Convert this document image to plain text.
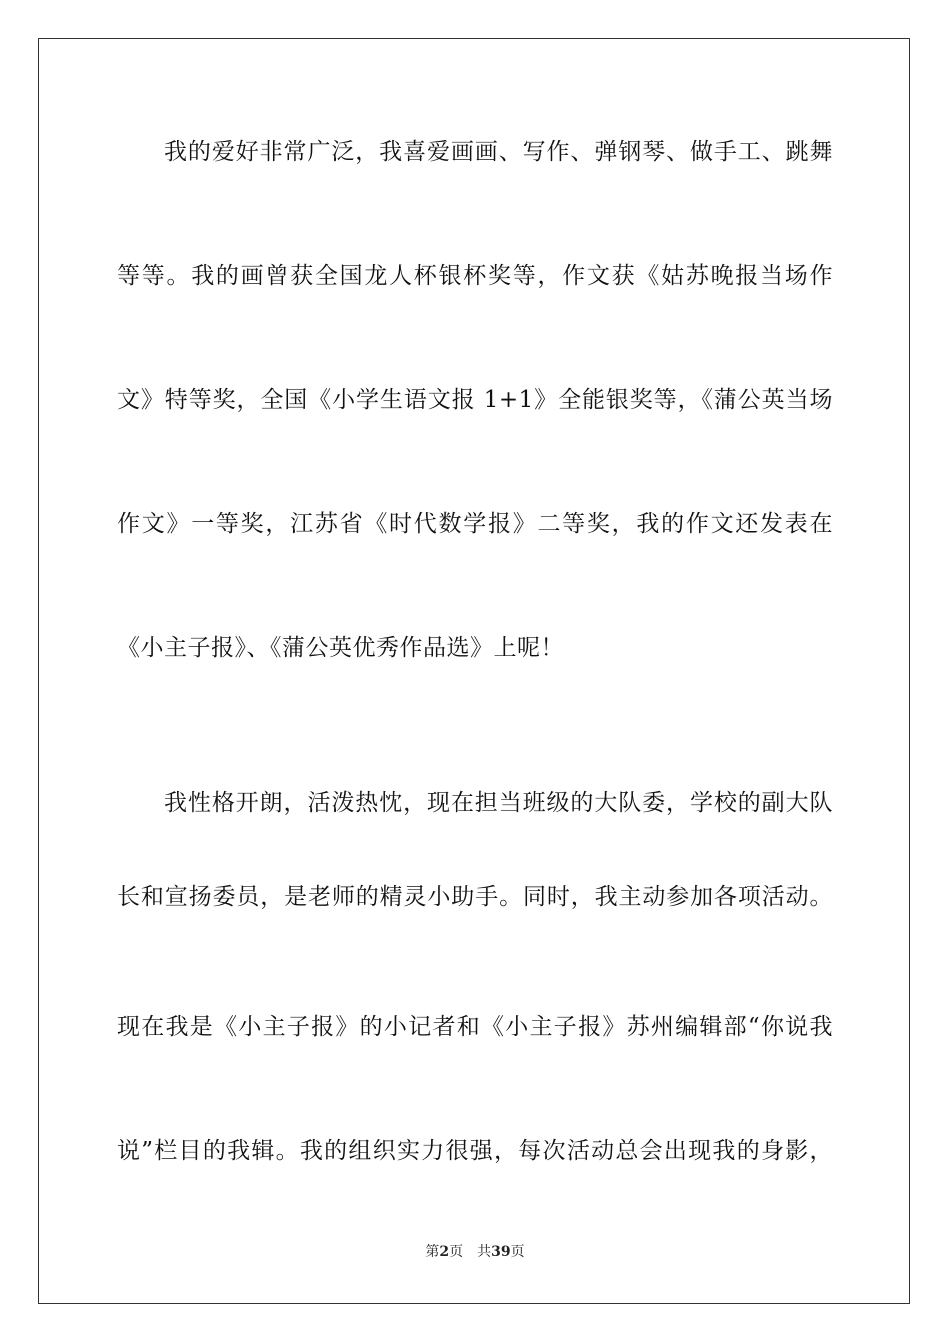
我的爱好非常广泛，我喜爱画画、写作、弹钢琴、做手工、跳舞
等等。我的画曾获全国龙人杯银杯奖等，作文获《姑苏晚报当场作
文》特等奖，全国《小学生语文报 1+1》全能银奖等，《蒲公英当场
作文》一等奖，江苏省《时代数学报》二等奖，我的作文还发表在
《小主子报》、《蒲公英优秀作品选》上呢！
我性格开朗，活泼热忱，现在担当班级的大队委，学校的副大队
长和宣扬委员，是老师的精灵小助手。同时，我主动参加各项活动。
现在我是《小主子报》的小记者和《小主子报》苏州编辑部“你说我
说”栏目的我辑。我的组织实力很强，每次活动总会出现我的身影，
第2页 共39页
